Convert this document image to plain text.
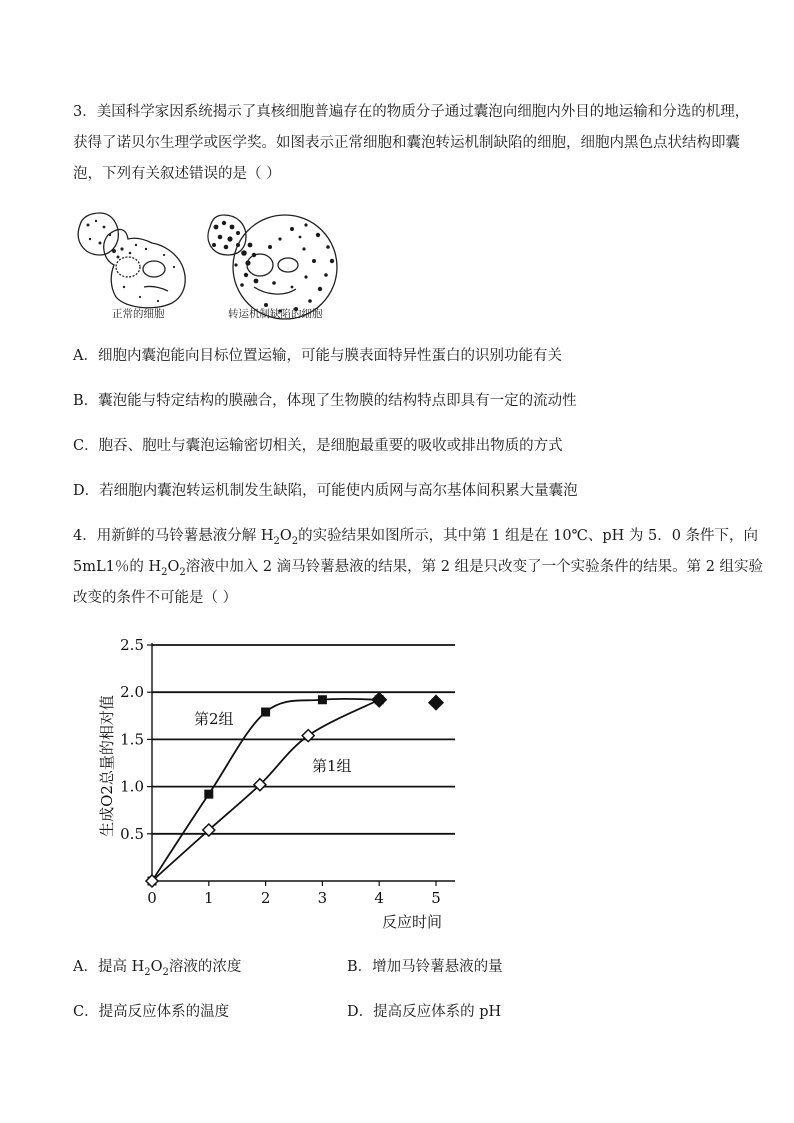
3．美国科学家因系统揭示了真核细胞普遍存在的物质分子通过囊泡向细胞内外目的地运输和分选的机理，
获得了诺贝尔生理学或医学奖。如图表示正常细胞和囊泡转运机制缺陷的细胞，细胞内黑色点状结构即囊
泡，下列有关叙述错误的是（ ）
正常的细胞	转运机制缺陷的细胞
A．细胞内囊泡能向目标位置运输，可能与膜表面特异性蛋白的识别功能有关
B．囊泡能与特定结构的膜融合，体现了生物膜的结构特点即具有一定的流动性
C．胞吞、胞吐与囊泡运输密切相关，是细胞最重要的吸收或排出物质的方式
D．若细胞内囊泡转运机制发生缺陷，可能使内质网与高尔基体间积累大量囊泡
4．用新鲜的马铃薯悬液分解 $H_2O_2$的实验结果如图所示，其中第 1 组是在 10℃、pH 为 5．0 条件下，向
5mL1％的 $H_2O_2$溶液中加入 2 滴马铃薯悬液的结果，第 2 组是只改变了一个实验条件的结果。第 2 组实验
改变的条件不可能是（ ）
0.5
1.0
1.5
2.0
2.5
0	1	2	3	4	5
反应时间
生成O2总量的相对值	第2组
第1组
A．提高 $H_2O_2$溶液的浓度	B．增加马铃薯悬液的量
C．提高反应体系的温度	D．提高反应体系的 pH
